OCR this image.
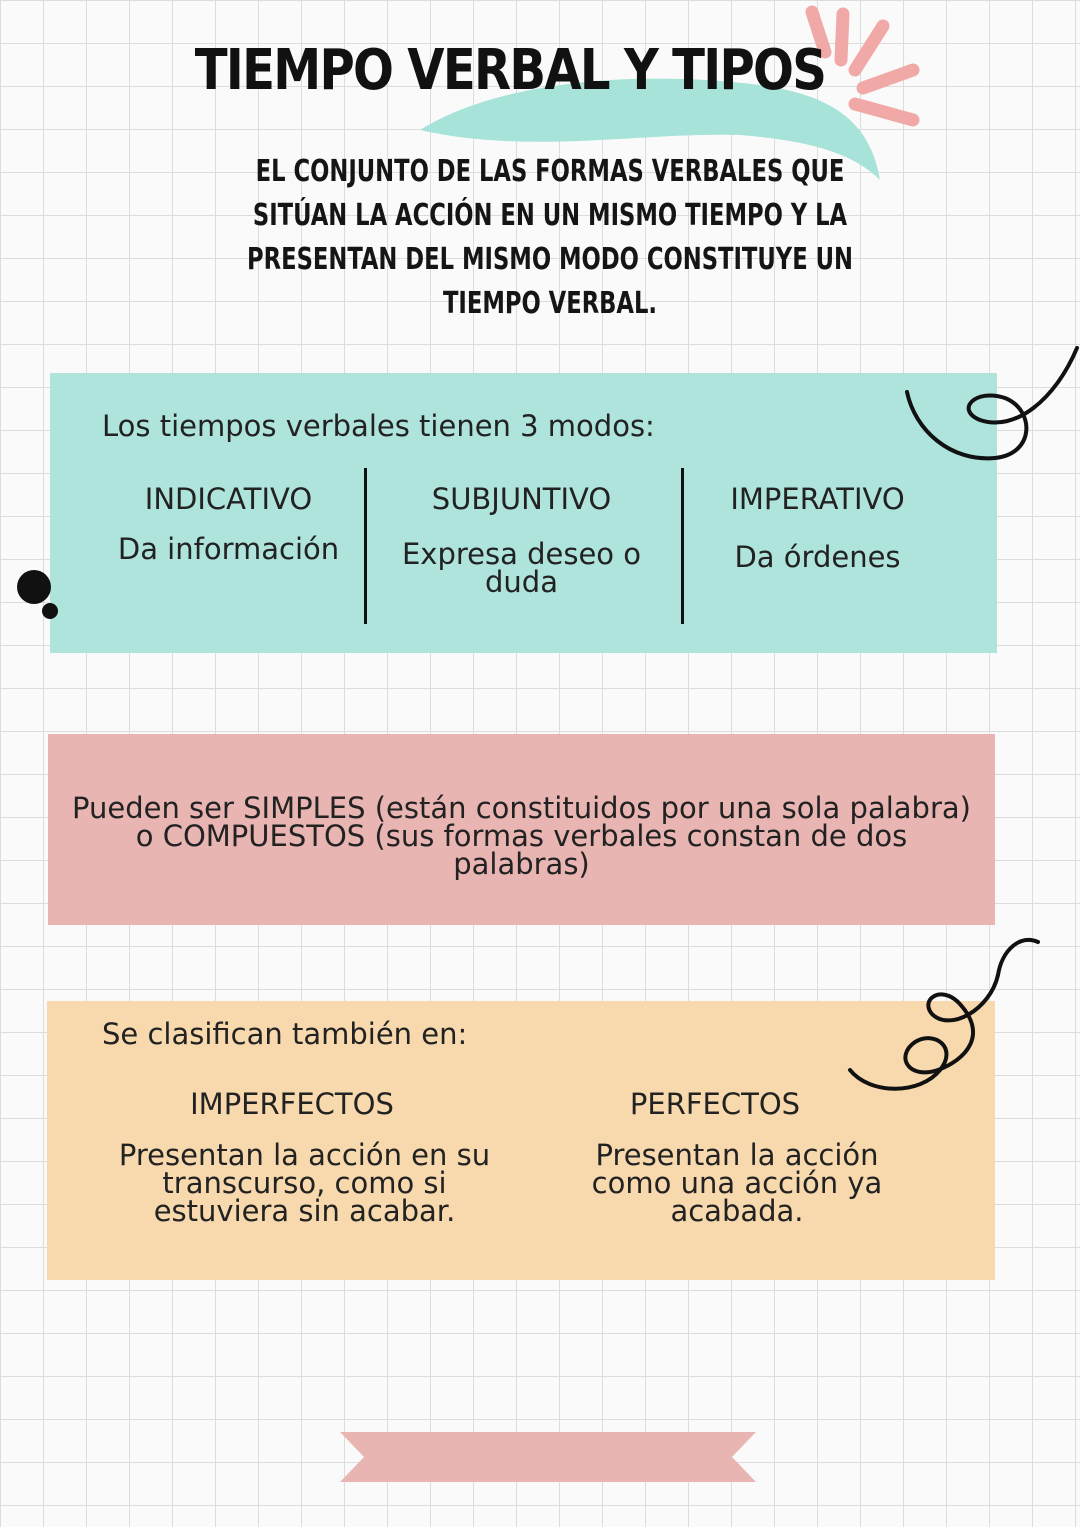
TIEMPO VERBAL Y TIPOS

EL CONJUNTO DE LAS FORMAS VERBALES QUE SITÚAN LA ACCIÓN EN UN MISMO TIEMPO Y LA PRESENTAN DEL MISMO MODO CONSTITUYE UN TIEMPO VERBAL.

Los tiempos verbales tienen 3 modos:
INDICATIVO
Da información
SUBJUNTIVO
Expresa deseo o duda
IMPERATIVO
Da órdenes
Pueden ser SIMPLES (están constituidos por una sola palabra) o COMPUESTOS (sus formas verbales constan de dos palabras)
Se clasifican también en:
IMPERFECTOS
Presentan la acción en su transcurso, como si estuviera sin acabar.
PERFECTOS
Presentan la acción como una acción ya acabada.
